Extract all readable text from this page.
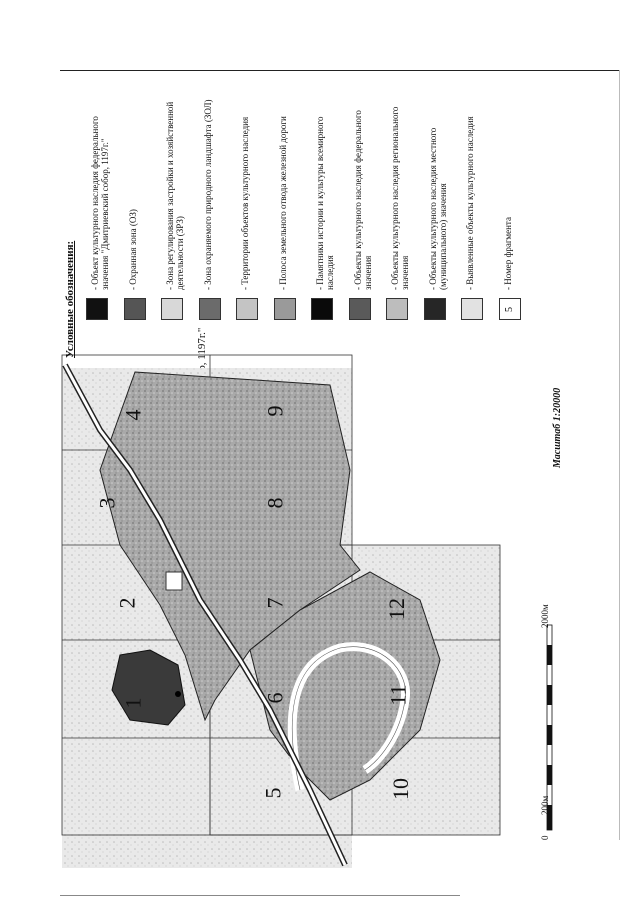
1
2
3
4
5
6
7
8
9
10
11
12
Масштаб 1:20000
0
200м
2000м
Условные обозначения:
- Объект культурного наследия федерального значения "Дмитриевский собор, 1197г." - Охранная зона (ОЗ)	- Зона регулирования застройки и хозяйственной деятельности (ЗРЗ) - Зона охраняемого природного ландшафта (ЗОЛ)	- Территории объектов культурного наследия	- Полоса земельного отвода железной дороги	- Памятники истории и культуры всемирного наследия - Объекты культурного наследия федерального значения - Объекты культурного наследия регионального значения - Объекты культурного наследия местного (муниципального) значения - Выявленные объекты культурного наследия
5
- Номер фрагмента
